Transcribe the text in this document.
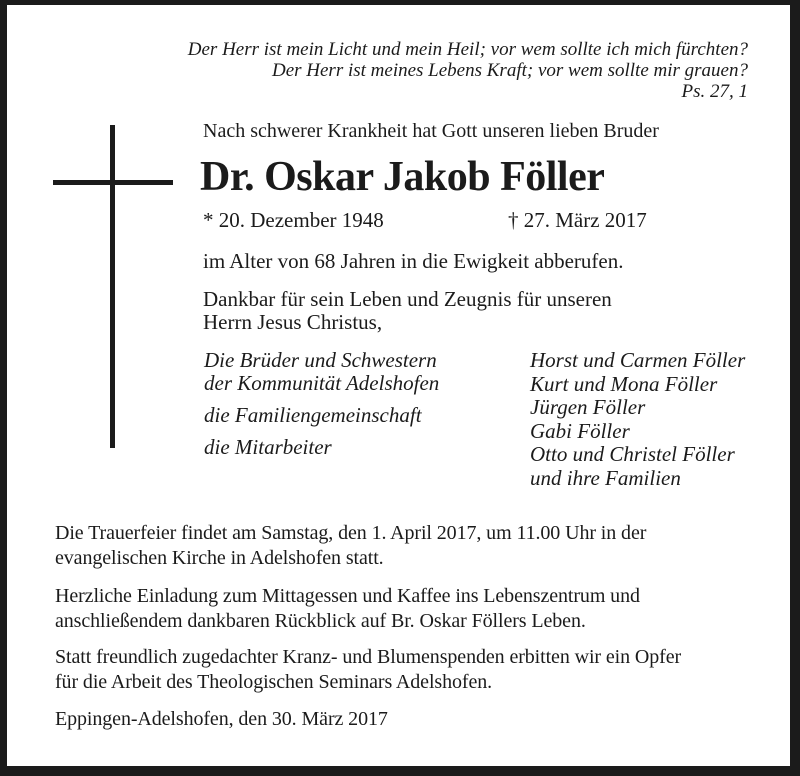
Der Herr ist mein Licht und mein Heil; vor wem sollte ich mich fürchten?
Der Herr ist meines Lebens Kraft; vor wem sollte mir grauen?
Ps. 27, 1
Nach schwerer Krankheit hat Gott unseren lieben Bruder
Dr. Oskar Jakob Föller
* 20. Dezember 1948	† 27. März 2017
im Alter von 68 Jahren in die Ewigkeit abberufen.
Dankbar für sein Leben und Zeugnis für unseren
Herrn Jesus Christus,
Die Brüder und Schwestern
der Kommunität Adelshofen
die Familiengemeinschaft
die Mitarbeiter
Horst und Carmen Föller
Kurt und Mona Föller
Jürgen Föller
Gabi Föller
Otto und Christel Föller
und ihre Familien
Die Trauerfeier findet am Samstag, den 1. April 2017, um 11.00 Uhr in der
evangelischen Kirche in Adelshofen statt.
Herzliche Einladung zum Mittagessen und Kaffee ins Lebenszentrum und
anschließendem dankbaren Rückblick auf Br. Oskar Föllers Leben.
Statt freundlich zugedachter Kranz- und Blumenspenden erbitten wir ein Opfer
für die Arbeit des Theologischen Seminars Adelshofen.
Eppingen-Adelshofen, den 30. März 2017
